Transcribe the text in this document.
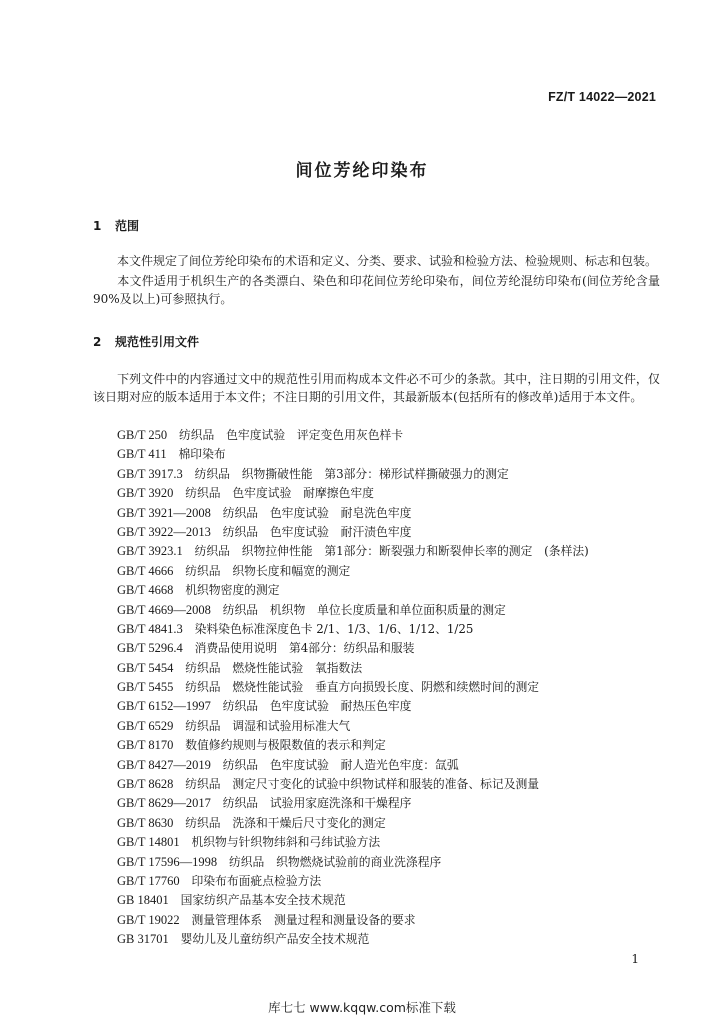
FZ/T 14022—2021
间位芳纶印染布
1 范围

本文件规定了间位芳纶印染布的术语和定义、分类、要求、试验和检验方法、检验规则、标志和包装。

本文件适用于机织生产的各类漂白、染色和印花间位芳纶印染布，间位芳纶混纺印染布(间位芳纶含量90%及以上)可参照执行。

2 规范性引用文件

下列文件中的内容通过文中的规范性引用而构成本文件必不可少的条款。其中，注日期的引用文件，仅该日期对应的版本适用于本文件；不注日期的引用文件，其最新版本(包括所有的修改单)适用于本文件。

GB/T 250　 纺织品　色牢度试验　评定变色用灰色样卡
GB/T 411　 棉印染布
GB/T 3917.3　 纺织品　织物撕破性能　第3部分：梯形试样撕破强力的测定
GB/T 3920　 纺织品　色牢度试验　耐摩擦色牢度
GB/T 3921—2008　 纺织品　色牢度试验　耐皂洗色牢度
GB/T 3922—2013　 纺织品　色牢度试验　耐汗渍色牢度
GB/T 3923.1　 纺织品　织物拉伸性能　第1部分：断裂强力和断裂伸长率的测定　(条样法)
GB/T 4666　 纺织品　织物长度和幅宽的测定
GB/T 4668　 机织物密度的测定
GB/T 4669—2008　 纺织品　机织物　单位长度质量和单位面积质量的测定
GB/T 4841.3　 染料染色标准深度色卡 2/1、1/3、1/6、1/12、1/25
GB/T 5296.4　 消费品使用说明　第4部分：纺织品和服装
GB/T 5454　 纺织品　燃烧性能试验　氧指数法
GB/T 5455　 纺织品　燃烧性能试验　垂直方向损毁长度、阴燃和续燃时间的测定
GB/T 6152—1997　 纺织品　色牢度试验　耐热压色牢度
GB/T 6529　 纺织品　调湿和试验用标准大气
GB/T 8170　 数值修约规则与极限数值的表示和判定
GB/T 8427—2019　 纺织品　色牢度试验　耐人造光色牢度：氙弧
GB/T 8628　 纺织品　测定尺寸变化的试验中织物试样和服装的准备、标记及测量
GB/T 8629—2017　 纺织品　试验用家庭洗涤和干燥程序
GB/T 8630　 纺织品　洗涤和干燥后尺寸变化的测定
GB/T 14801　 机织物与针织物纬斜和弓纬试验方法
GB/T 17596—1998　 纺织品　织物燃烧试验前的商业洗涤程序
GB/T 17760　 印染布布面疵点检验方法
GB 18401　 国家纺织产品基本安全技术规范
GB/T 19022　 测量管理体系　测量过程和测量设备的要求
GB 31701　 婴幼儿及儿童纺织产品安全技术规范
1
库七七 www.kqqw.com标准下载
